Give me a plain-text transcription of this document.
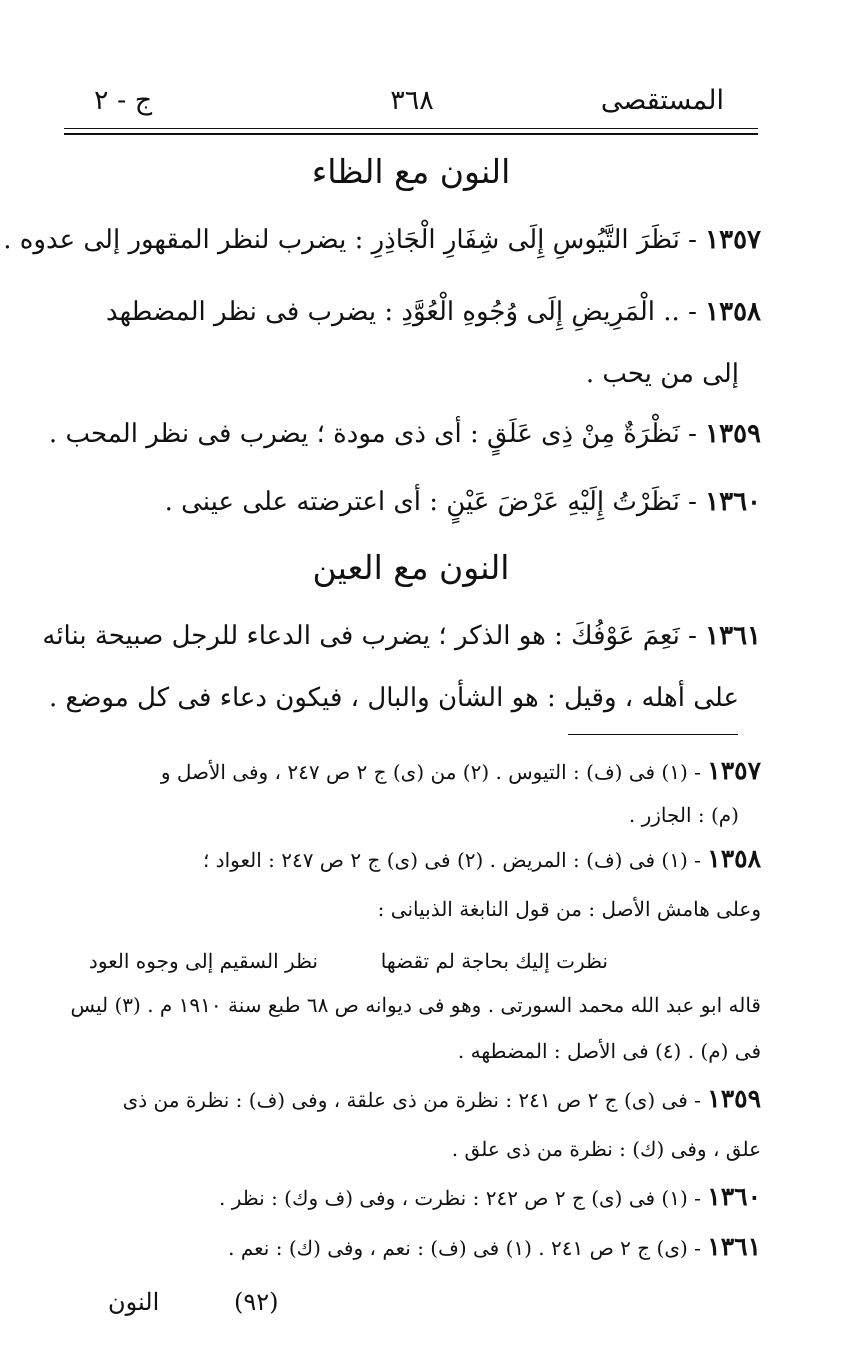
المستقصى
٣٦٨
ج - ٢
النون مع الظاء
١٣٥٧ - نَظَرَ التَّيُوسِ إِلَى شِفَارِ الْجَاذِرِ : يضرب لنظر المقهور إلى عدوه .
١٣٥٨ - .. الْمَرِيضِ إِلَى وُجُوهِ الْعُوَّدِ : يضرب فى نظر المضطهد
إلى من يحب .
١٣٥٩ - نَظْرَةٌ مِنْ ذِى عَلَقٍ : أى ذى مودة ؛ يضرب فى نظر المحب .
١٣٦٠ - نَظَرْتُ إِلَيْهِ عَرْضَ عَيْنٍ : أى اعترضته على عينى .
النون مع العين
١٣٦١ - نَعِمَ عَوْفُكَ : هو الذكر ؛ يضرب فى الدعاء للرجل صبيحة بنائه
على أهله ، وقيل : هو الشأن والبال ، فيكون دعاء فى كل موضع .
١٣٥٧ - (١) فى (ف) : التيوس . (٢) من (ى) ج ٢ ص ٢٤٧ ، وفى الأصل و
(م) : الجازر .
١٣٥٨ - (١) فى (ف) : المريض . (٢) فى (ى) ج ٢ ص ٢٤٧ : العواد ؛
وعلى هامش الأصل : من قول النابغة الذبيانى :
نظرت إليك بحاجة لم تقضها
نظر السقيم إلى وجوه العود
قاله ابو عبد الله محمد السورتى . وهو فى ديوانه ص ٦٨ طبع سنة ١٩١٠ م . (٣) ليس
فى (م) . (٤) فى الأصل : المضطهه .
١٣٥٩ - فى (ى) ج ٢ ص ٢٤١ : نظرة من ذى علقة ، وفى (ف) : نظرة من ذى
علق ، وفى (ك) : نظرة من ذى علق .
١٣٦٠ - (١) فى (ى) ج ٢ ص ٢٤٢ : نظرت ، وفى (ف وك) : نظر .
١٣٦١ - (ى) ج ٢ ص ٢٤١ . (١) فى (ف) : نعم ، وفى (ك) : نعم .
النون	(٩٢)
